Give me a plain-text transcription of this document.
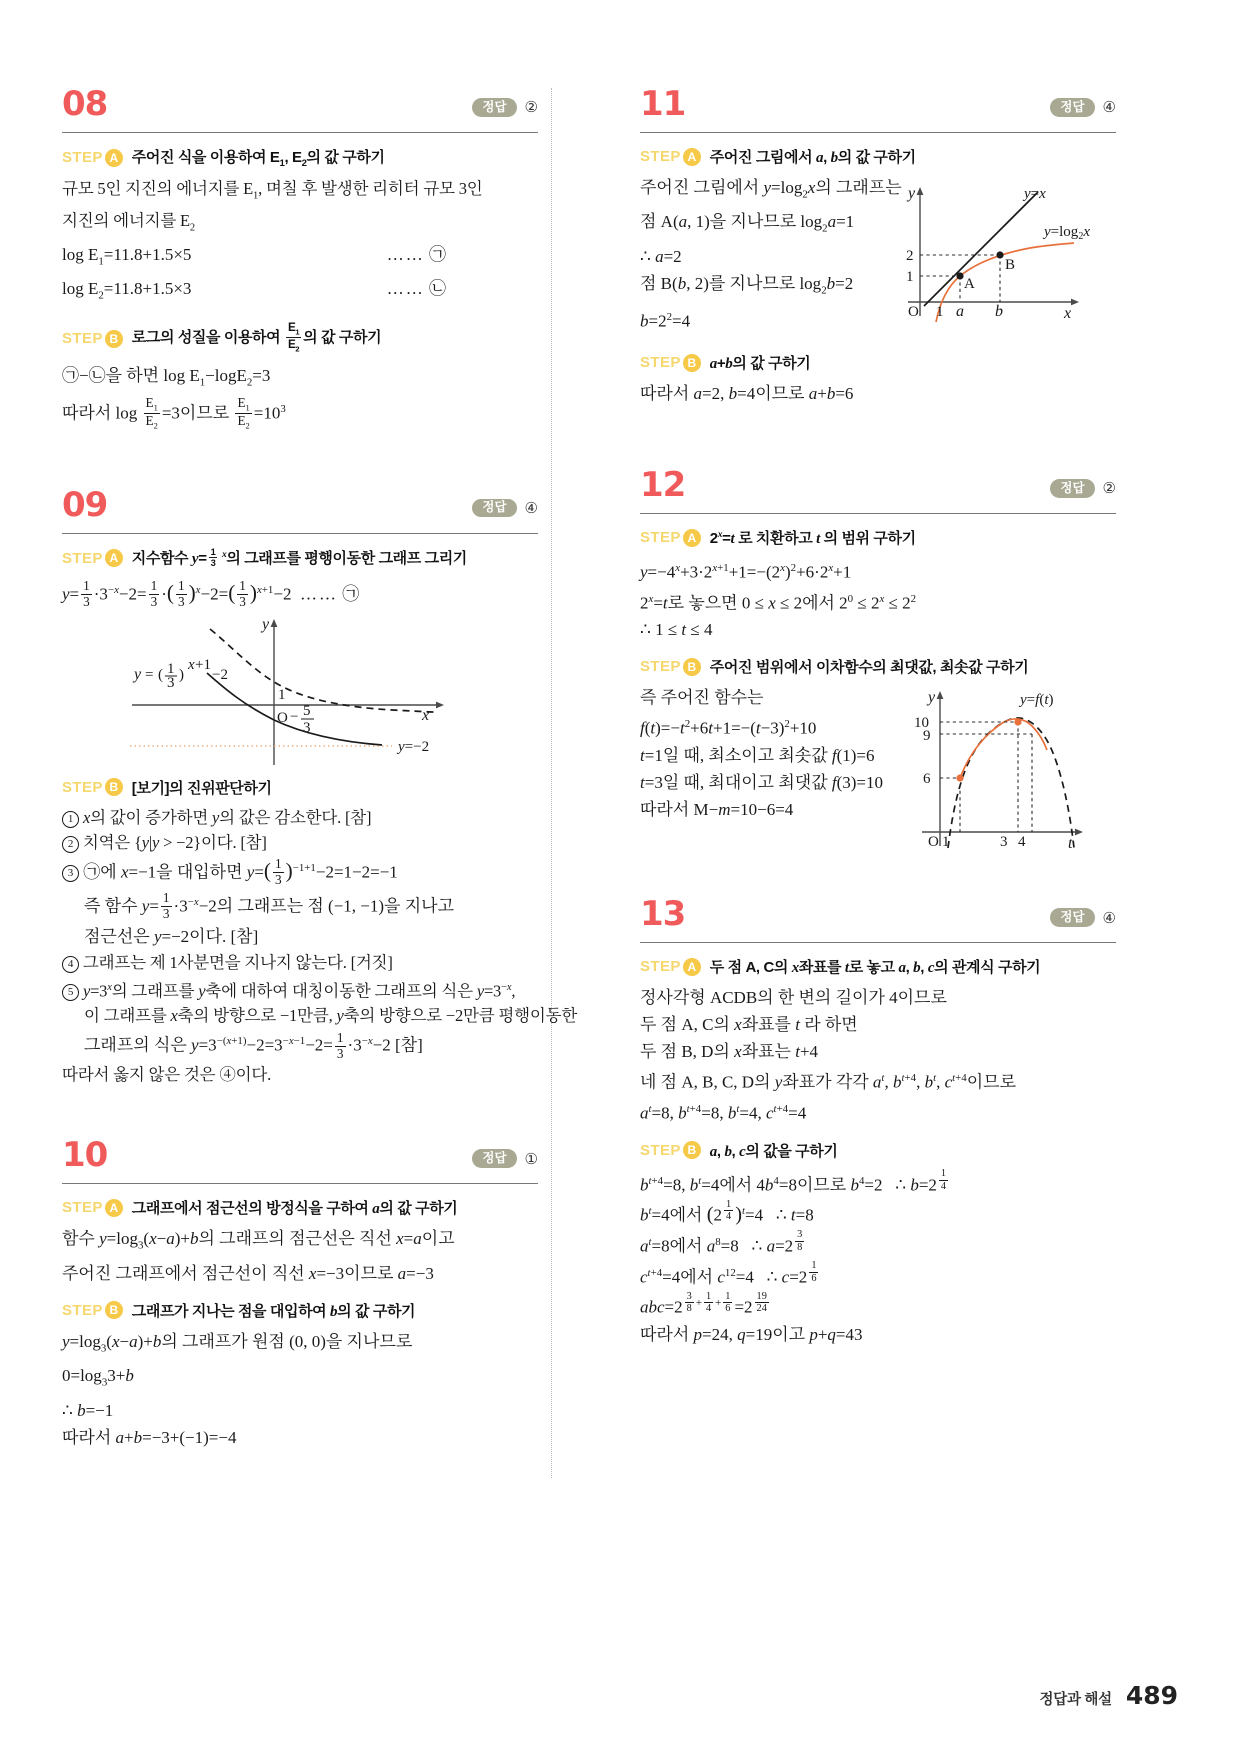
08	정답	②
STEP A 주어진 식을 이용하여 $E_1$, $E_2$의 값 구하기
규모 5인 지진의 에너지를 $E_1$, 며칠 후 발생한 리히터 규모 3인
지진의 에너지를 $E_2$
$\log E_1=11.8+1.5\times 5$	…… ㉠
$\log E_2=11.8+1.5\times 3$	…… ㉡
STEP B 로그의 성질을 이용하여 $\frac{E_1}{E_2}$ 의 값 구하기
㉠−㉡을 하면 $\log E_1-\log E_2=3$
따라서 $\log \frac{E_1}{E_2} =3$이므로 $\frac{E_1}{E_2} =10^3$
09	정답	④
STEP A 지수함수 $y= \frac{1}{3}$
  $^x$의 그래프를 평행이동한 그래프 그리기
$y= \frac{1}{3} \cdot 3^{-x}-2= \frac{1}{3}$ ·( $\frac{1}{3} )^x-2=( \frac{1}{3} )^{x+1}-2$  …… ㉠
y
x
1
O − 5
3
y=−2
y = ( 1
3 )
x +1
−2
STEP B [보기]의 진위판단하기
1 x의 값이 증가하면 y의 값은 감소한다. [참]
2 치역은 {y|y > −2}이다. [참]
3 ㉠에 x=−1을 대입하면 $y=( \frac{1}{3} )^{-1+1}-2=1-2=-1$
즉 함수 $y= \frac{1}{3} \cdot 3^{-x}-2$의 그래프는 점 (−1, −1)을 지나고
점근선은 y=−2이다. [참]
4 그래프는 제 1사분면을 지나지 않는다. [거짓]
5 $y=3^x$의 그래프를 y축에 대하여 대칭이동한 그래프의 식은 $y=3^{-x}$,
이 그래프를 x축의 방향으로 −1만큼, y축의 방향으로 −2만큼 평행이동한
그래프의 식은 $y=3^{-(x+1)}-2=3^{-x-1}-2= \frac{1}{3} \cdot 3^{-x}-2$ [참]
따라서 옳지 않은 것은 ④이다.
10	정답	①
STEP A 그래프에서 점근선의 방정식을 구하여 a의 값 구하기
함수 $y=\log_3(x-a)+b$의 그래프의 점근선은 직선 x=a이고
주어진 그래프에서 점근선이 직선 x=−3이므로 a=−3
STEP B 그래프가 지나는 점을 대입하여 b의 값 구하기
$y=\log_3(x-a)+b$의 그래프가 원점 (0, 0)을 지나므로
$0=\log_33+b$
∴ b=−1
따라서 a+b=−3+(−1)=−4
11	정답	④
STEP A 주어진 그림에서 a, b의 값 구하기
주어진 그림에서 $y=\log_2x$의 그래프는
점 A(a, 1)을 지나므로 $\log_2a=1$
∴ a=2
점 B(b, 2)를 지나므로 $\log_2b=2$
$b=2^2=4$
y
x
y=x
$y=\log_2x$
2
1
O 1 a b
A
B
STEP B a+b의 값 구하기
따라서 a=2, b=4이므로 a+b=6
12	정답	②
STEP A $2^x=t$ 로 치환하고 t 의 범위 구하기
$y=-4^x+3\cdot 2^{x+1}+1=-(2^x)^2+6\cdot 2^x+1$
$2^x=t$로 놓으면 0 ≤ x ≤ 2에서 $2^0 \le 2^x \le 2^2$
∴ 1 ≤ t ≤ 4
STEP B 주어진 범위에서 이차함수의 최댓값, 최솟값 구하기
즉 주어진 함수는
$f(t)=-t^2+6t+1=-(t-3)^2+10$
t=1일 때, 최소이고 최솟값 f(1)=6
t=3일 때, 최대이고 최댓값 f(3)=10
따라서 M−m=10−6=4
y
t
10
9
6
O 1	3 4
y=f(t)
13	정답	④
STEP A 두 점 A, C의 x좌표를 t로 놓고 a, b, c의 관계식 구하기
정사각형 ACDB의 한 변의 길이가 4이므로
두 점 A, C의 x좌표를 t 라 하면
두 점 B, D의 x좌표는 t+4
네 점 A, B, C, D의 y좌표가 각각 $a^t$, $b^{t+4}$, $b^t$, $c^{t+4}$이므로
$a^t=8$, $b^{t+4}=8$, $b^t=4$, $c^{t+4}=4$
STEP B a, b, c의 값을 구하기
$b^{t+4}=8$, $b^t=4$에서 $4b^4=8$이므로 $b^4=2$   ∴ b=2 $^{\frac{1}{4}}$
$b^t=4$에서 (2 $^{\frac{1}{4}}$ )$^t$=4   ∴ t=8
$a^t=8$에서 $a^8=8$   ∴ a=2 $^{\frac{3}{8}}$
$c^{t+4}=4$에서 $c^{12}=4$   ∴ c=2 $^{\frac{1}{6}}$
abc=2 $^{\frac{3}{8} + \frac{1}{4} + \frac{1}{6}}$ =2 $^{\frac{19}{24}}$
따라서 p=24, q=19이고 p+q=43
정답과 해설 489
